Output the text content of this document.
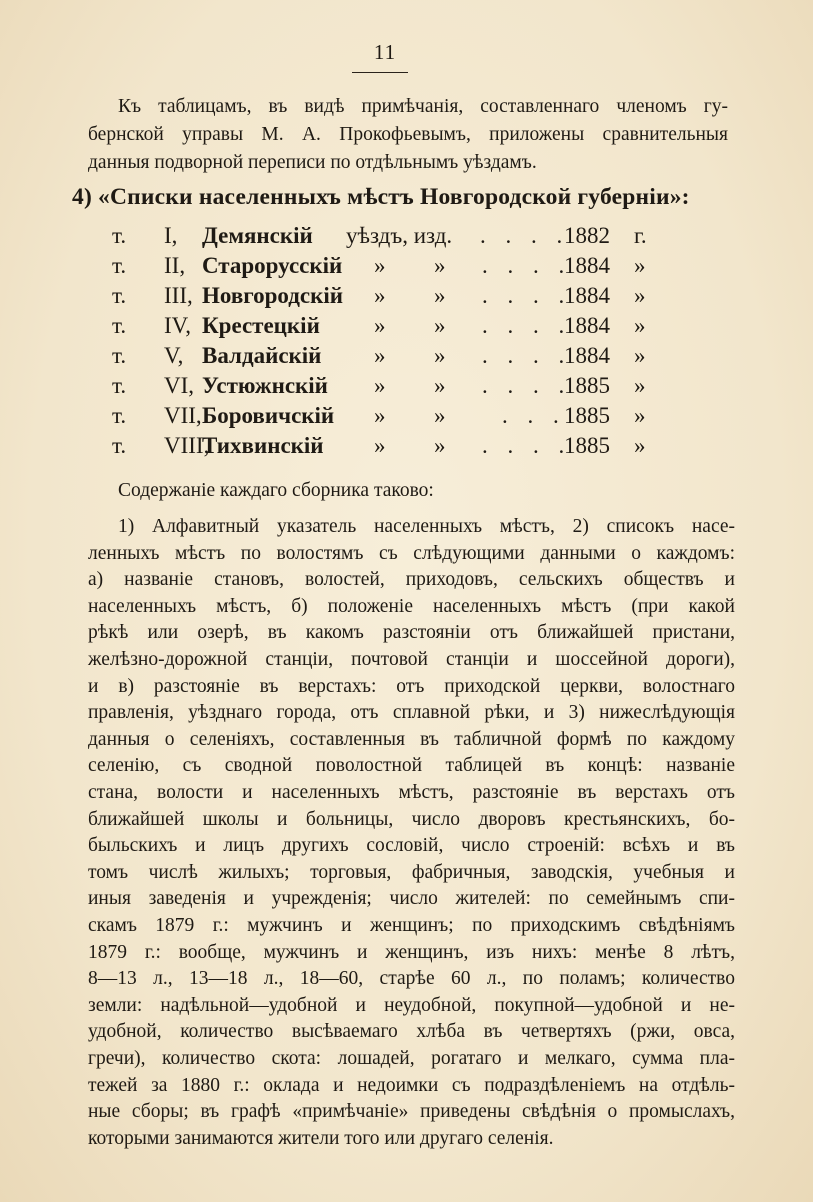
11
Къ таблицамъ, въ видѣ примѣчанія, составленнаго членомъ гу-
бернской управы М. А. Прокофьевымъ, приложены сравнительныя
данныя подворной переписи по отдѣльнымъ уѣздамъ.
4) «Списки населенныхъ мѣстъ Новгородской губерніи»:
т. I, Демянскій уѣздъ, изд. . . . .
1882 г.
т. II, Старорусскій » » . . . .
1884 »
т. III, Новгородскій » » . . . .
1884 »
т. IV, Крестецкій » » . . . .
1884 »
т. V, Валдайскій » » . . . .
1884 »
т. VI, Устюжнскій » » . . . .
1885 »
т. VII, Боровичскій » » . . .
1885 »
т. VIII,
Тихвинскій » » . . . .
1885 »
Содержаніе каждаго сборника таково:
1) Алфавитный указатель населенныхъ мѣстъ, 2) списокъ насе-
ленныхъ мѣстъ по волостямъ съ слѣдующими данными о каждомъ:
а) названіе становъ, волостей, приходовъ, сельскихъ обществъ и
населенныхъ мѣстъ, б) положеніе населенныхъ мѣстъ (при какой
рѣкѣ или озерѣ, въ какомъ разстояніи отъ ближайшей пристани,
желѣзно-дорожной станціи, почтовой станціи и шоссейной дороги),
и в) разстояніе въ верстахъ: отъ приходской церкви, волостнаго
правленія, уѣзднаго города, отъ сплавной рѣки, и 3) нижеслѣдующія
данныя о селеніяхъ, составленныя въ табличной формѣ по каждому
селенію, съ сводной поволостной таблицей въ концѣ: названіе
стана, волости и населенныхъ мѣстъ, разстояніе въ верстахъ отъ
ближайшей школы и больницы, число дворовъ крестьянскихъ, бо-
быльскихъ и лицъ другихъ сословій, число строеній: всѣхъ и въ
томъ числѣ жилыхъ; торговыя, фабричныя, заводскія, учебныя и
иныя заведенія и учрежденія; число жителей: по семейнымъ спи-
скамъ 1879 г.: мужчинъ и женщинъ; по приходскимъ свѣдѣніямъ
1879 г.: вообще, мужчинъ и женщинъ, изъ нихъ: менѣе 8 лѣтъ,
8—13 л., 13—18 л., 18—60, старѣе 60 л., по поламъ; количество
земли: надѣльной—удобной и неудобной, покупной—удобной и не-
удобной, количество высѣваемаго хлѣба въ четвертяхъ (ржи, овса,
гречи), количество скота: лошадей, рогатаго и мелкаго, сумма пла-
тежей за 1880 г.: оклада и недоимки съ подраздѣленіемъ на отдѣль-
ные сборы; въ графѣ «примѣчаніе» приведены свѣдѣнія о промыслахъ,
которыми занимаются жители того или другаго селенія.
